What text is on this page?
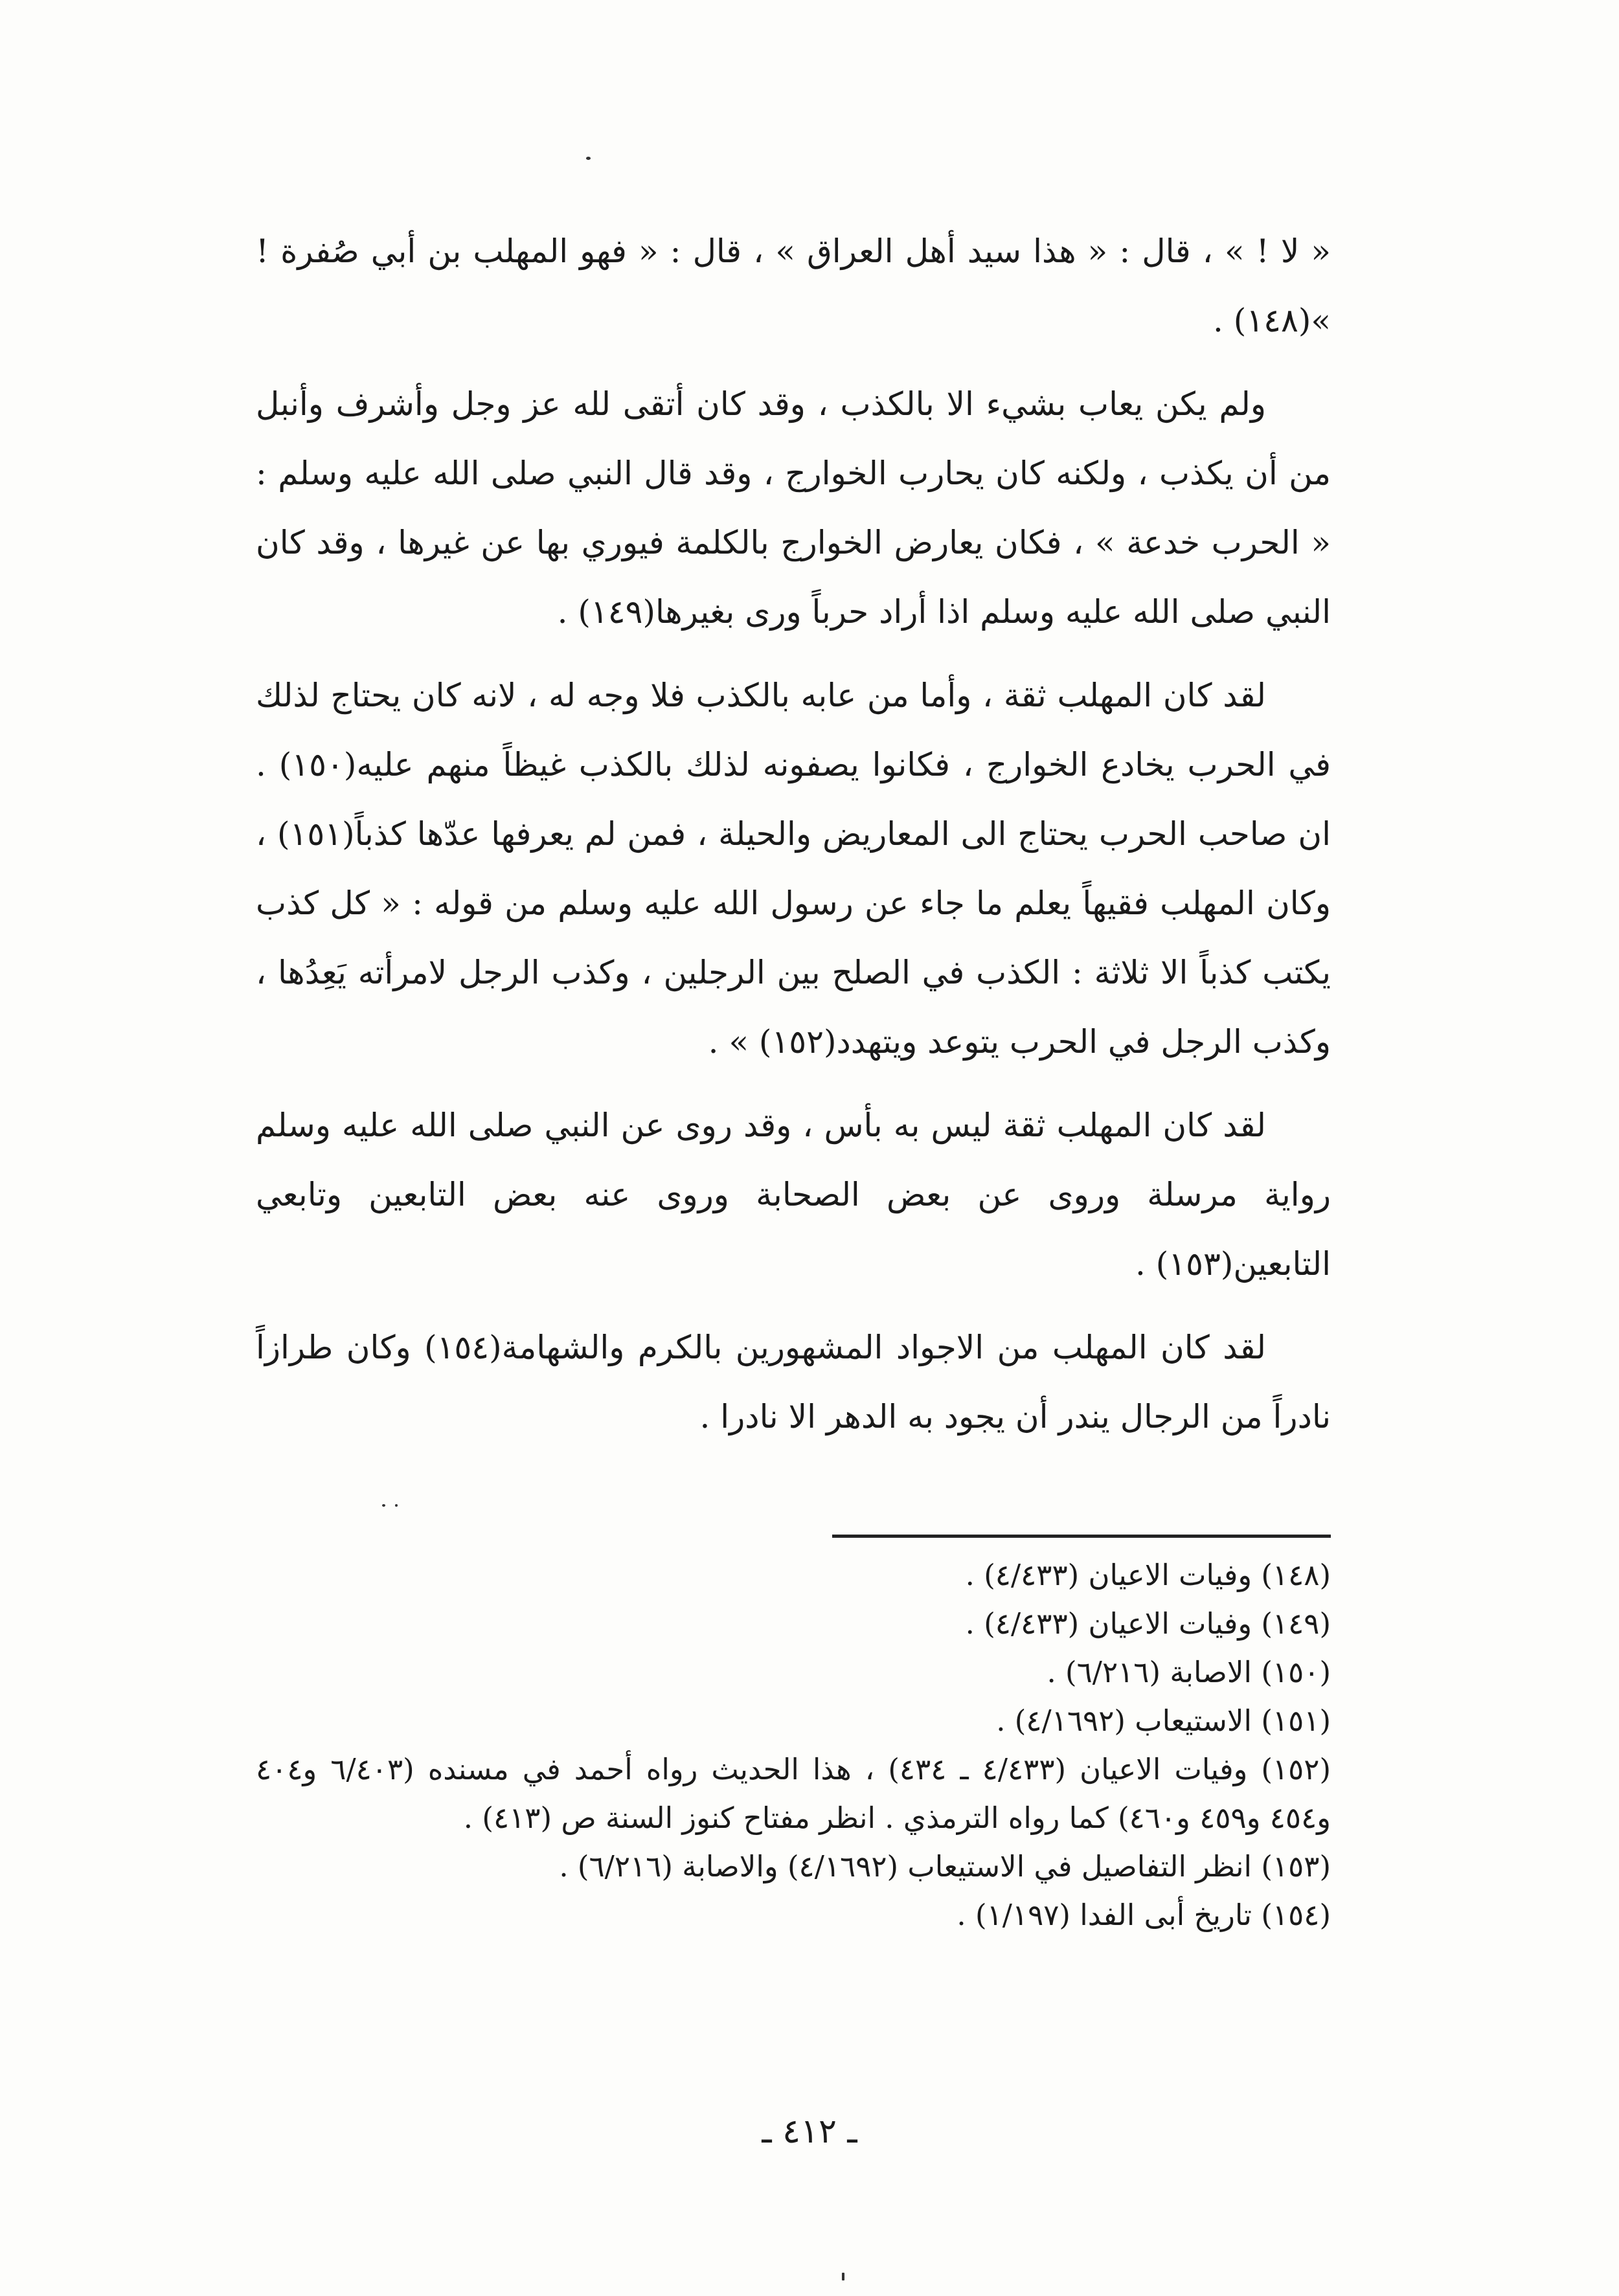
« لا ! » ، قال : « هذا سيد أهل العراق » ، قال : « فهو المهلب بن أبي صُفرة ! »(١٤٨) .

ولم يكن يعاب بشيء الا بالكذب ، وقد كان أتقى لله عز وجل وأشرف وأنبل من أن يكذب ، ولكنه كان يحارب الخوارج ، وقد قال النبي صلى الله عليه وسلم : « الحرب خدعة » ، فكان يعارض الخوارج بالكلمة فيوري بها عن غيرها ، وقد كان النبي صلى الله عليه وسلم اذا أراد حرباً ورى بغيرها(١٤٩) .

لقد كان المهلب ثقة ، وأما من عابه بالكذب فلا وجه له ، لانه كان يحتاج لذلك في الحرب يخادع الخوارج ، فكانوا يصفونه لذلك بالكذب غيظاً منهم عليه(١٥٠) . ان صاحب الحرب يحتاج الى المعاريض والحيلة ، فمن لم يعرفها عدّها كذباً(١٥١) ، وكان المهلب فقيهاً يعلم ما جاء عن رسول الله عليه وسلم من قوله : « كل كذب يكتب كذباً الا ثلاثة : الكذب في الصلح بين الرجلين ، وكذب الرجل لامرأته يَعِدُها ، وكذب الرجل في الحرب يتوعد ويتهدد(١٥٢) » .

لقد كان المهلب ثقة ليس به بأس ، وقد روى عن النبي صلى الله عليه وسلم رواية مرسلة وروى عن بعض الصحابة وروى عنه بعض التابعين وتابعي التابعين(١٥٣) .

لقد كان المهلب من الاجواد المشهورين بالكرم والشهامة(١٥٤) وكان طرازاً نادراً من الرجال يندر أن يجود به الدهر الا نادرا .

(١٤٨) وفيات الاعيان (٤/٤٣٣) .

(١٤٩) وفيات الاعيان (٤/٤٣٣) .

(١٥٠) الاصابة (٦/٢١٦) .

(١٥١) الاستيعاب (٤/١٦٩٢) .

(١٥٢) وفيات الاعيان (٤/٤٣٣ ـ ٤٣٤) ، هذا الحديث رواه أحمد في مسنده (٦/٤٠٣ و٤٠٤ و٤٥٤ و٤٥٩ و٤٦٠) كما رواه الترمذي . انظر مفتاح كنوز السنة ص (٤١٣) .

(١٥٣) انظر التفاصيل في الاستيعاب (٤/١٦٩٢) والاصابة (٦/٢١٦) .

(١٥٤) تاريخ أبى الفدا (١/١٩٧) .

ـ ٤١٢ ـ
